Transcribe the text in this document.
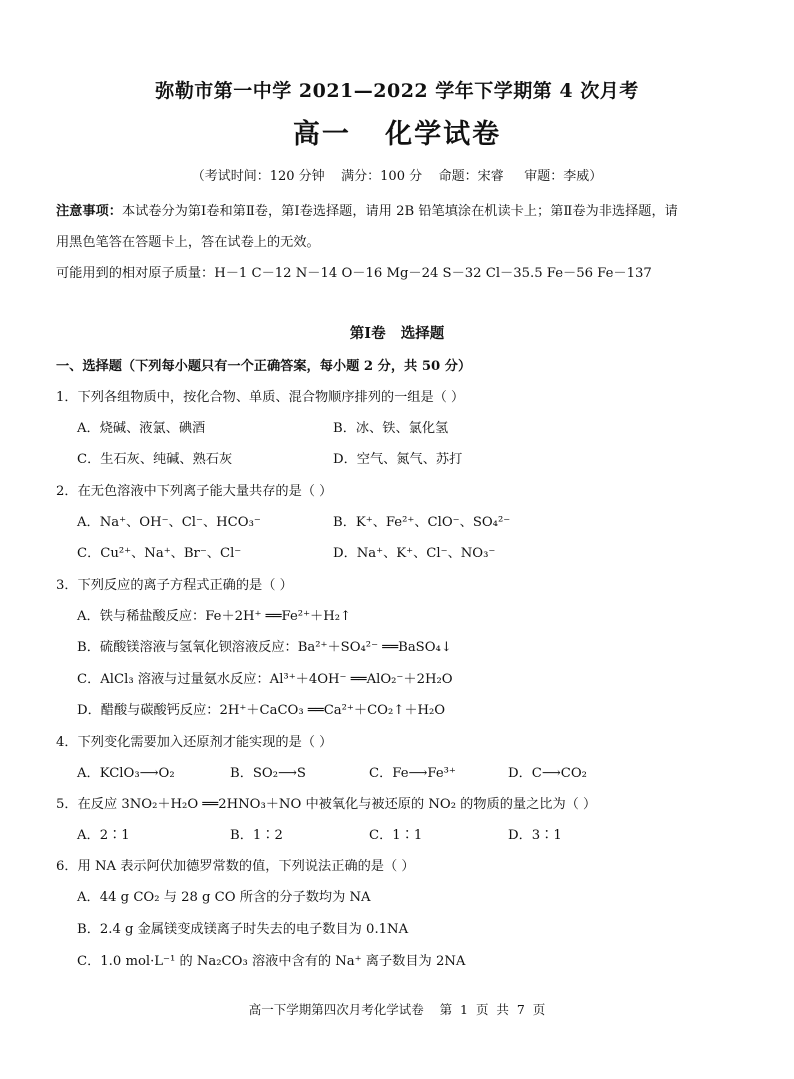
弥勒市第一中学 2021—2022 学年下学期第 4 次月考
高一   化学试卷
（考试时间：120 分钟    满分：100 分    命题：宋睿     审题：李威）
注意事项：本试卷分为第Ⅰ卷和第Ⅱ卷，第Ⅰ卷选择题，请用 2B 铅笔填涂在机读卡上；第Ⅱ卷为非选择题，请
用黑色笔答在答题卡上，答在试卷上的无效。
可能用到的相对原子质量：H－1 C－12 N－14 O－16 Mg－24 S－32 Cl－35.5 Fe－56 Fe－137
第Ⅰ卷   选择题
一、选择题（下列每小题只有一个正确答案，每小题 2 分，共 50 分）
1．下列各组物质中，按化合物、单质、混合物顺序排列的一组是（ ）
A．烧碱、液氯、碘酒	B．冰、铁、氯化氢
C．生石灰、纯碱、熟石灰	D．空气、氮气、苏打
2．在无色溶液中下列离子能大量共存的是（ ）
A．Na⁺、OH⁻、Cl⁻、HCO₃⁻	B．K⁺、Fe²⁺、ClO⁻、SO₄²⁻
C．Cu²⁺、Na⁺、Br⁻、Cl⁻	D．Na⁺、K⁺、Cl⁻、NO₃⁻
3．下列反应的离子方程式正确的是（ ）
A．铁与稀盐酸反应：Fe＋2H⁺ ══Fe²⁺＋H₂↑
B．硫酸镁溶液与氢氧化钡溶液反应：Ba²⁺＋SO₄²⁻ ══BaSO₄↓
C．AlCl₃ 溶液与过量氨水反应：Al³⁺＋4OH⁻ ══AlO₂⁻＋2H₂O
D．醋酸与碳酸钙反应：2H⁺＋CaCO₃ ══Ca²⁺＋CO₂↑＋H₂O
4．下列变化需要加入还原剂才能实现的是（ ）
A．KClO₃⟶O₂	B．SO₂⟶S	C．Fe⟶Fe³⁺	D．C⟶CO₂
5．在反应 3NO₂＋H₂O ══2HNO₃＋NO 中被氧化与被还原的 NO₂ 的物质的量之比为（ ）
A．2∶1	B．1∶2	C．1∶1	D．3∶1
6．用 NA 表示阿伏加德罗常数的值，下列说法正确的是（ ）
A．44 g CO₂ 与 28 g CO 所含的分子数均为 NA
B．2.4 g 金属镁变成镁离子时失去的电子数目为 0.1NA
C．1.0 mol·L⁻¹ 的 Na₂CO₃ 溶液中含有的 Na⁺ 离子数目为 2NA
高一下学期第四次月考化学试卷    第  1  页  共  7  页
